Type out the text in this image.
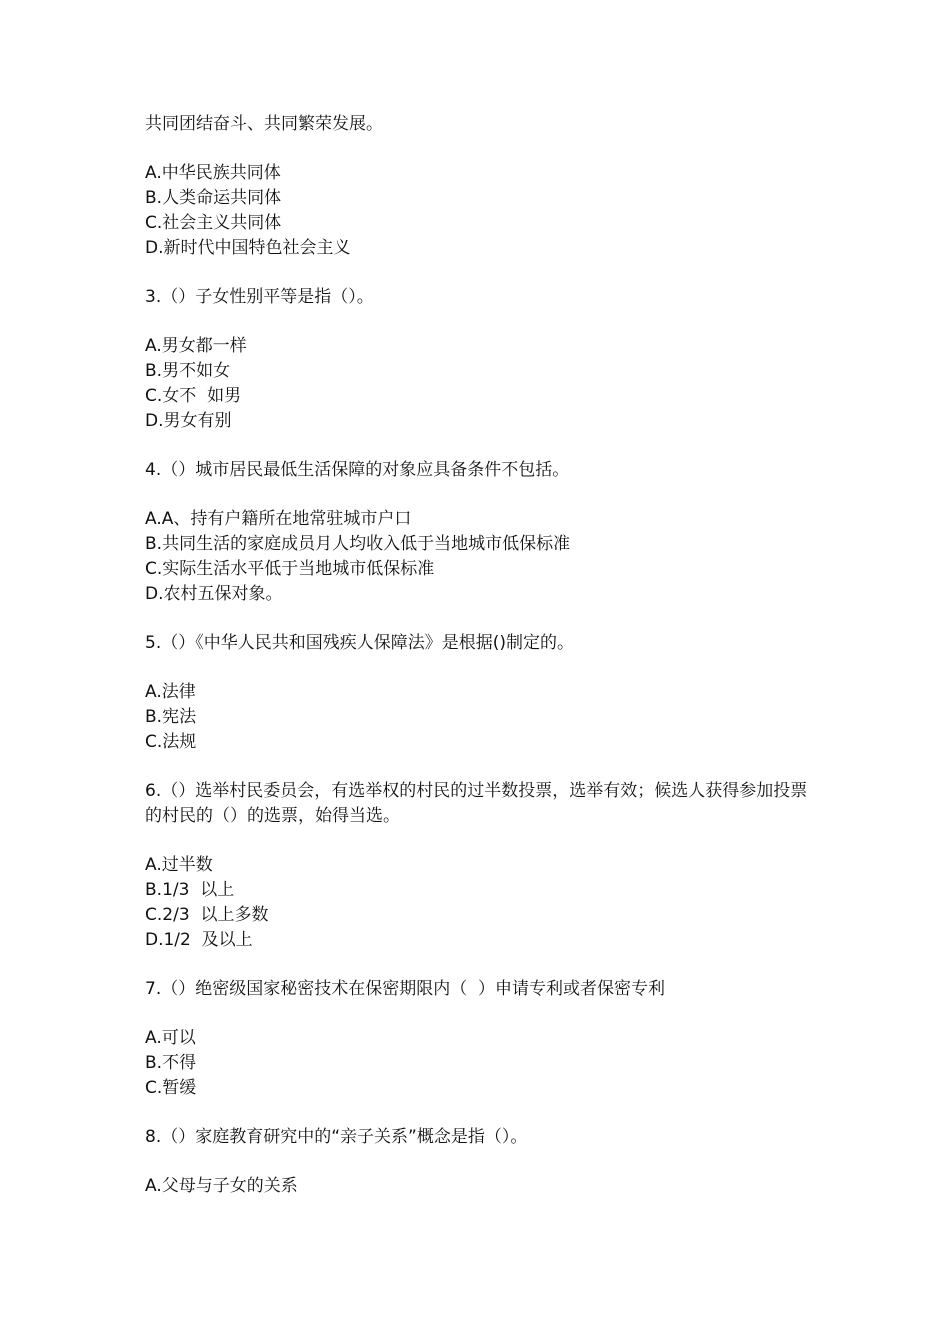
共同团结奋斗、共同繁荣发展。

A.中华民族共同体

B.人类命运共同体

C.社会主义共同体

D.新时代中国特色社会主义

3.（）子女性别平等是指（）。

A.男女都一样

B.男不如女

C.女不  如男

D.男女有别

4.（）城市居民最低生活保障的对象应具备条件不包括。

A.A、持有户籍所在地常驻城市户口

B.共同生活的家庭成员月人均收入低于当地城市低保标准

C.实际生活水平低于当地城市低保标准

D.农村五保对象。

5.（）《中华人民共和国残疾人保障法》是根据()制定的。

A.法律

B.宪法

C.法规

6.（）选举村民委员会，有选举权的村民的过半数投票，选举有效；候选人获得参加投票的村民的（）的选票，始得当选。

A.过半数

B.1/3  以上

C.2/3  以上多数

D.1/2  及以上

7.（）绝密级国家秘密技术在保密期限内（  ）申请专利或者保密专利

A.可以

B.不得

C.暂缓

8.（）家庭教育研究中的“亲子关系”概念是指（）。

A.父母与子女的关系
